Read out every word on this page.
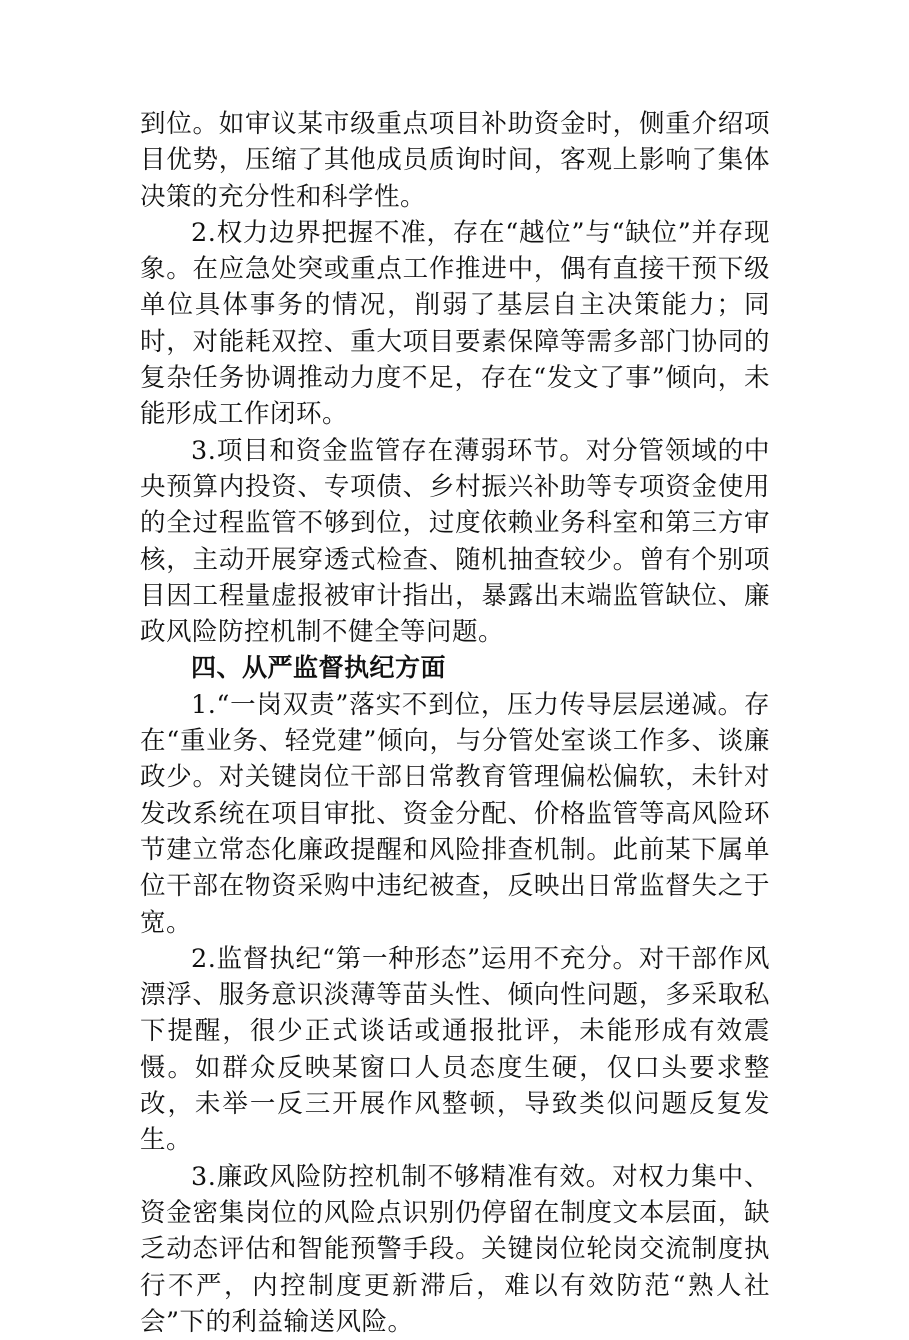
到位。如审议某市级重点项目补助资金时，侧重介绍项目优势，压缩了其他成员质询时间，客观上影响了集体决策的充分性和科学性。

2.权力边界把握不准，存在“越位”与“缺位”并存现象。在应急处突或重点工作推进中，偶有直接干预下级单位具体事务的情况，削弱了基层自主决策能力；同时，对能耗双控、重大项目要素保障等需多部门协同的复杂任务协调推动力度不足，存在“发文了事”倾向，未能形成工作闭环。

3.项目和资金监管存在薄弱环节。对分管领域的中央预算内投资、专项债、乡村振兴补助等专项资金使用的全过程监管不够到位，过度依赖业务科室和第三方审核，主动开展穿透式检查、随机抽查较少。曾有个别项目因工程量虚报被审计指出，暴露出末端监管缺位、廉政风险防控机制不健全等问题。

四、从严监督执纪方面

1.“一岗双责”落实不到位，压力传导层层递减。存在“重业务、轻党建”倾向，与分管处室谈工作多、谈廉政少。对关键岗位干部日常教育管理偏松偏软，未针对发改系统在项目审批、资金分配、价格监管等高风险环节建立常态化廉政提醒和风险排查机制。此前某下属单位干部在物资采购中违纪被查，反映出日常监督失之于宽。

2.监督执纪“第一种形态”运用不充分。对干部作风漂浮、服务意识淡薄等苗头性、倾向性问题，多采取私下提醒，很少正式谈话或通报批评，未能形成有效震慑。如群众反映某窗口人员态度生硬，仅口头要求整改，未举一反三开展作风整顿，导致类似问题反复发生。

3.廉政风险防控机制不够精准有效。对权力集中、资金密集岗位的风险点识别仍停留在制度文本层面，缺乏动态评估和智能预警手段。关键岗位轮岗交流制度执行不严，内控制度更新滞后，难以有效防范“熟人社会”下的利益输送风险。
